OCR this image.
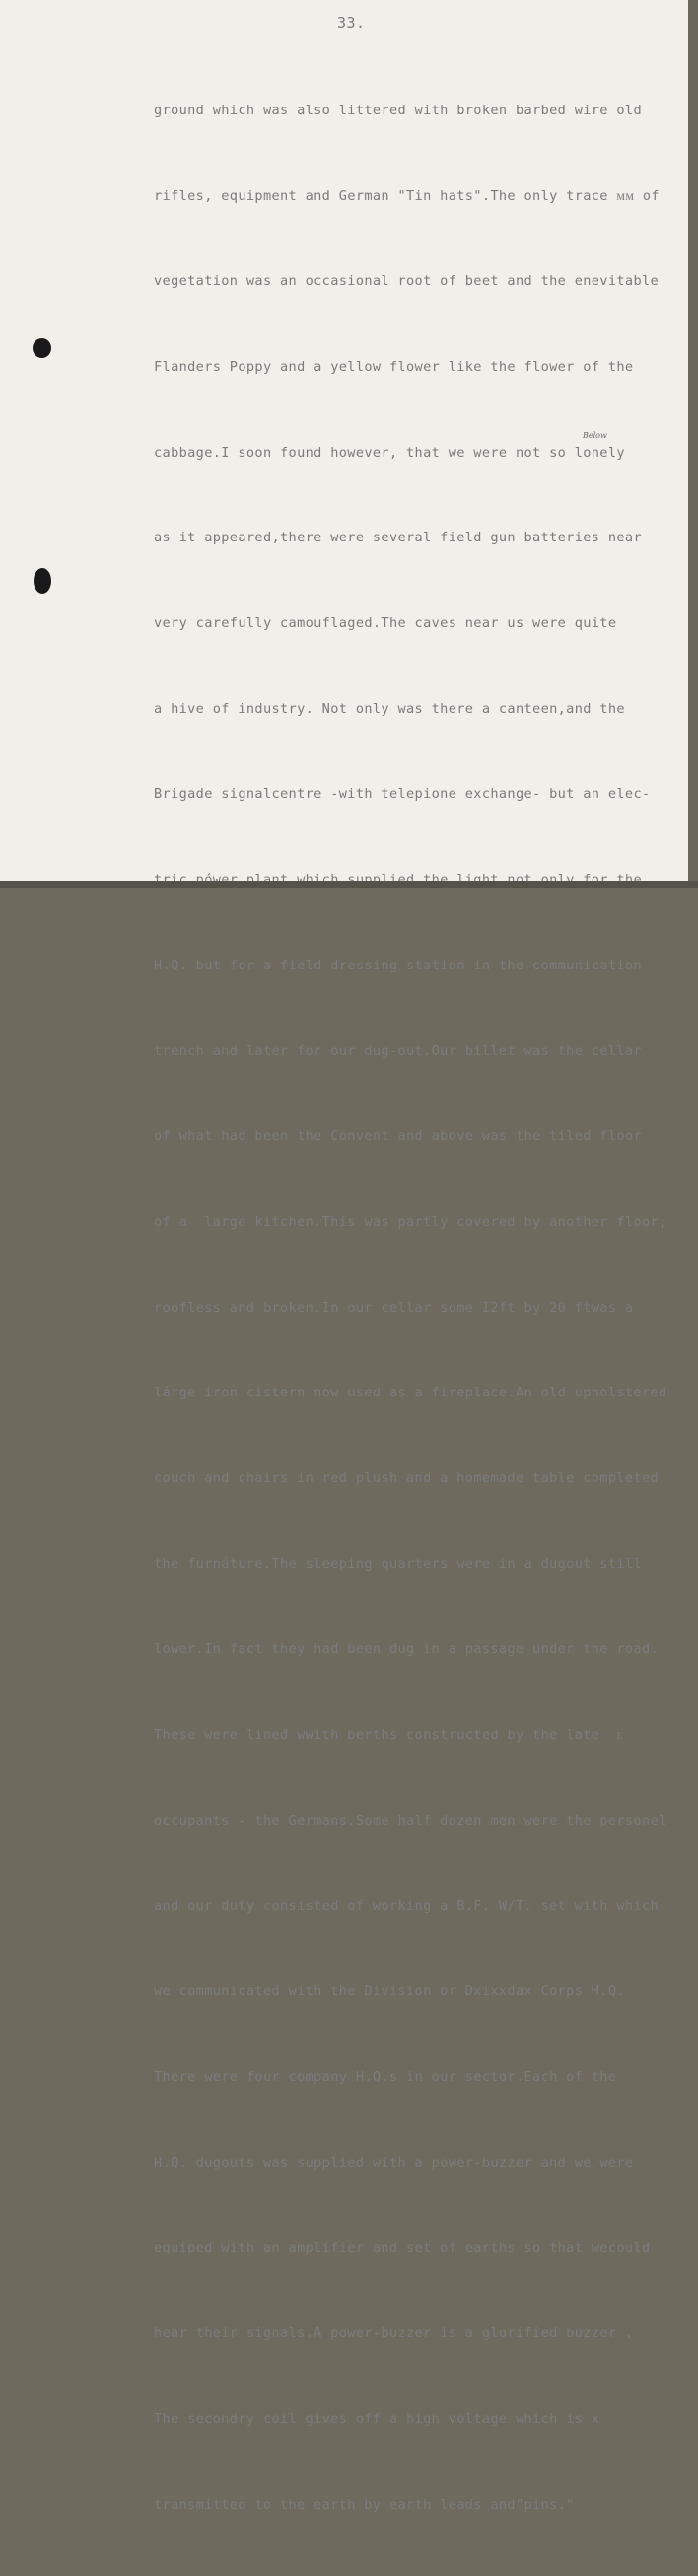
33.

ground which was also littered with broken barbed wire old

rifles, equipment and German "Tin hats".The only trace ᴍᴍ of

vegetation was an occasional root of beet and the enevitable

Flanders Poppy and a yellow flower like the flower of the

cabbage.I soon found however, that we were not so lonely

as it appeared,there were several field gun batteries near

very carefully camouflaged.The caves near us were quite

a hive of industry. Not only was there a canteen,and the

Brigade signalcentre -with telepione exchange- but an elec-

H.Q. but for a field dressing station in the communication

trench and later for our dug-out.Our billet was the cellar

of what had been the Convent and above was the tiled floor

of a  large kitchen.This was partly covered by another floor;

roofless and broken.In our cellar some I2ft by 20 ftwas a

lárge iron cistern now used as a fireplace.An old upholstered

couch and chairs in red plush and a homemade table completed

the furnáture.The sleeping quarters were in a dugout still

lower.In fact they had been dug in a passage under the road.

These were lined wwith berths constructed by the late  ᴇ

occupants - the Germans.Some half dozen men were the personel

and our duty consisted of working a B.F. W/T. set with which

we communicated with the Division or Dxixxdax Corps H.Q.

There were four company H.Q.s in our sector.Each of the

H.Q. dugouts was supplied with a power-buzzer and we were

equiped with an amplifier and set of earths so that wecould

hear their signals.A power-buzzer is a glorified buzzer ,

The secondry coil gives off a high voltage which is x

transmitted to the earth by earth leads and"pins."

Below
